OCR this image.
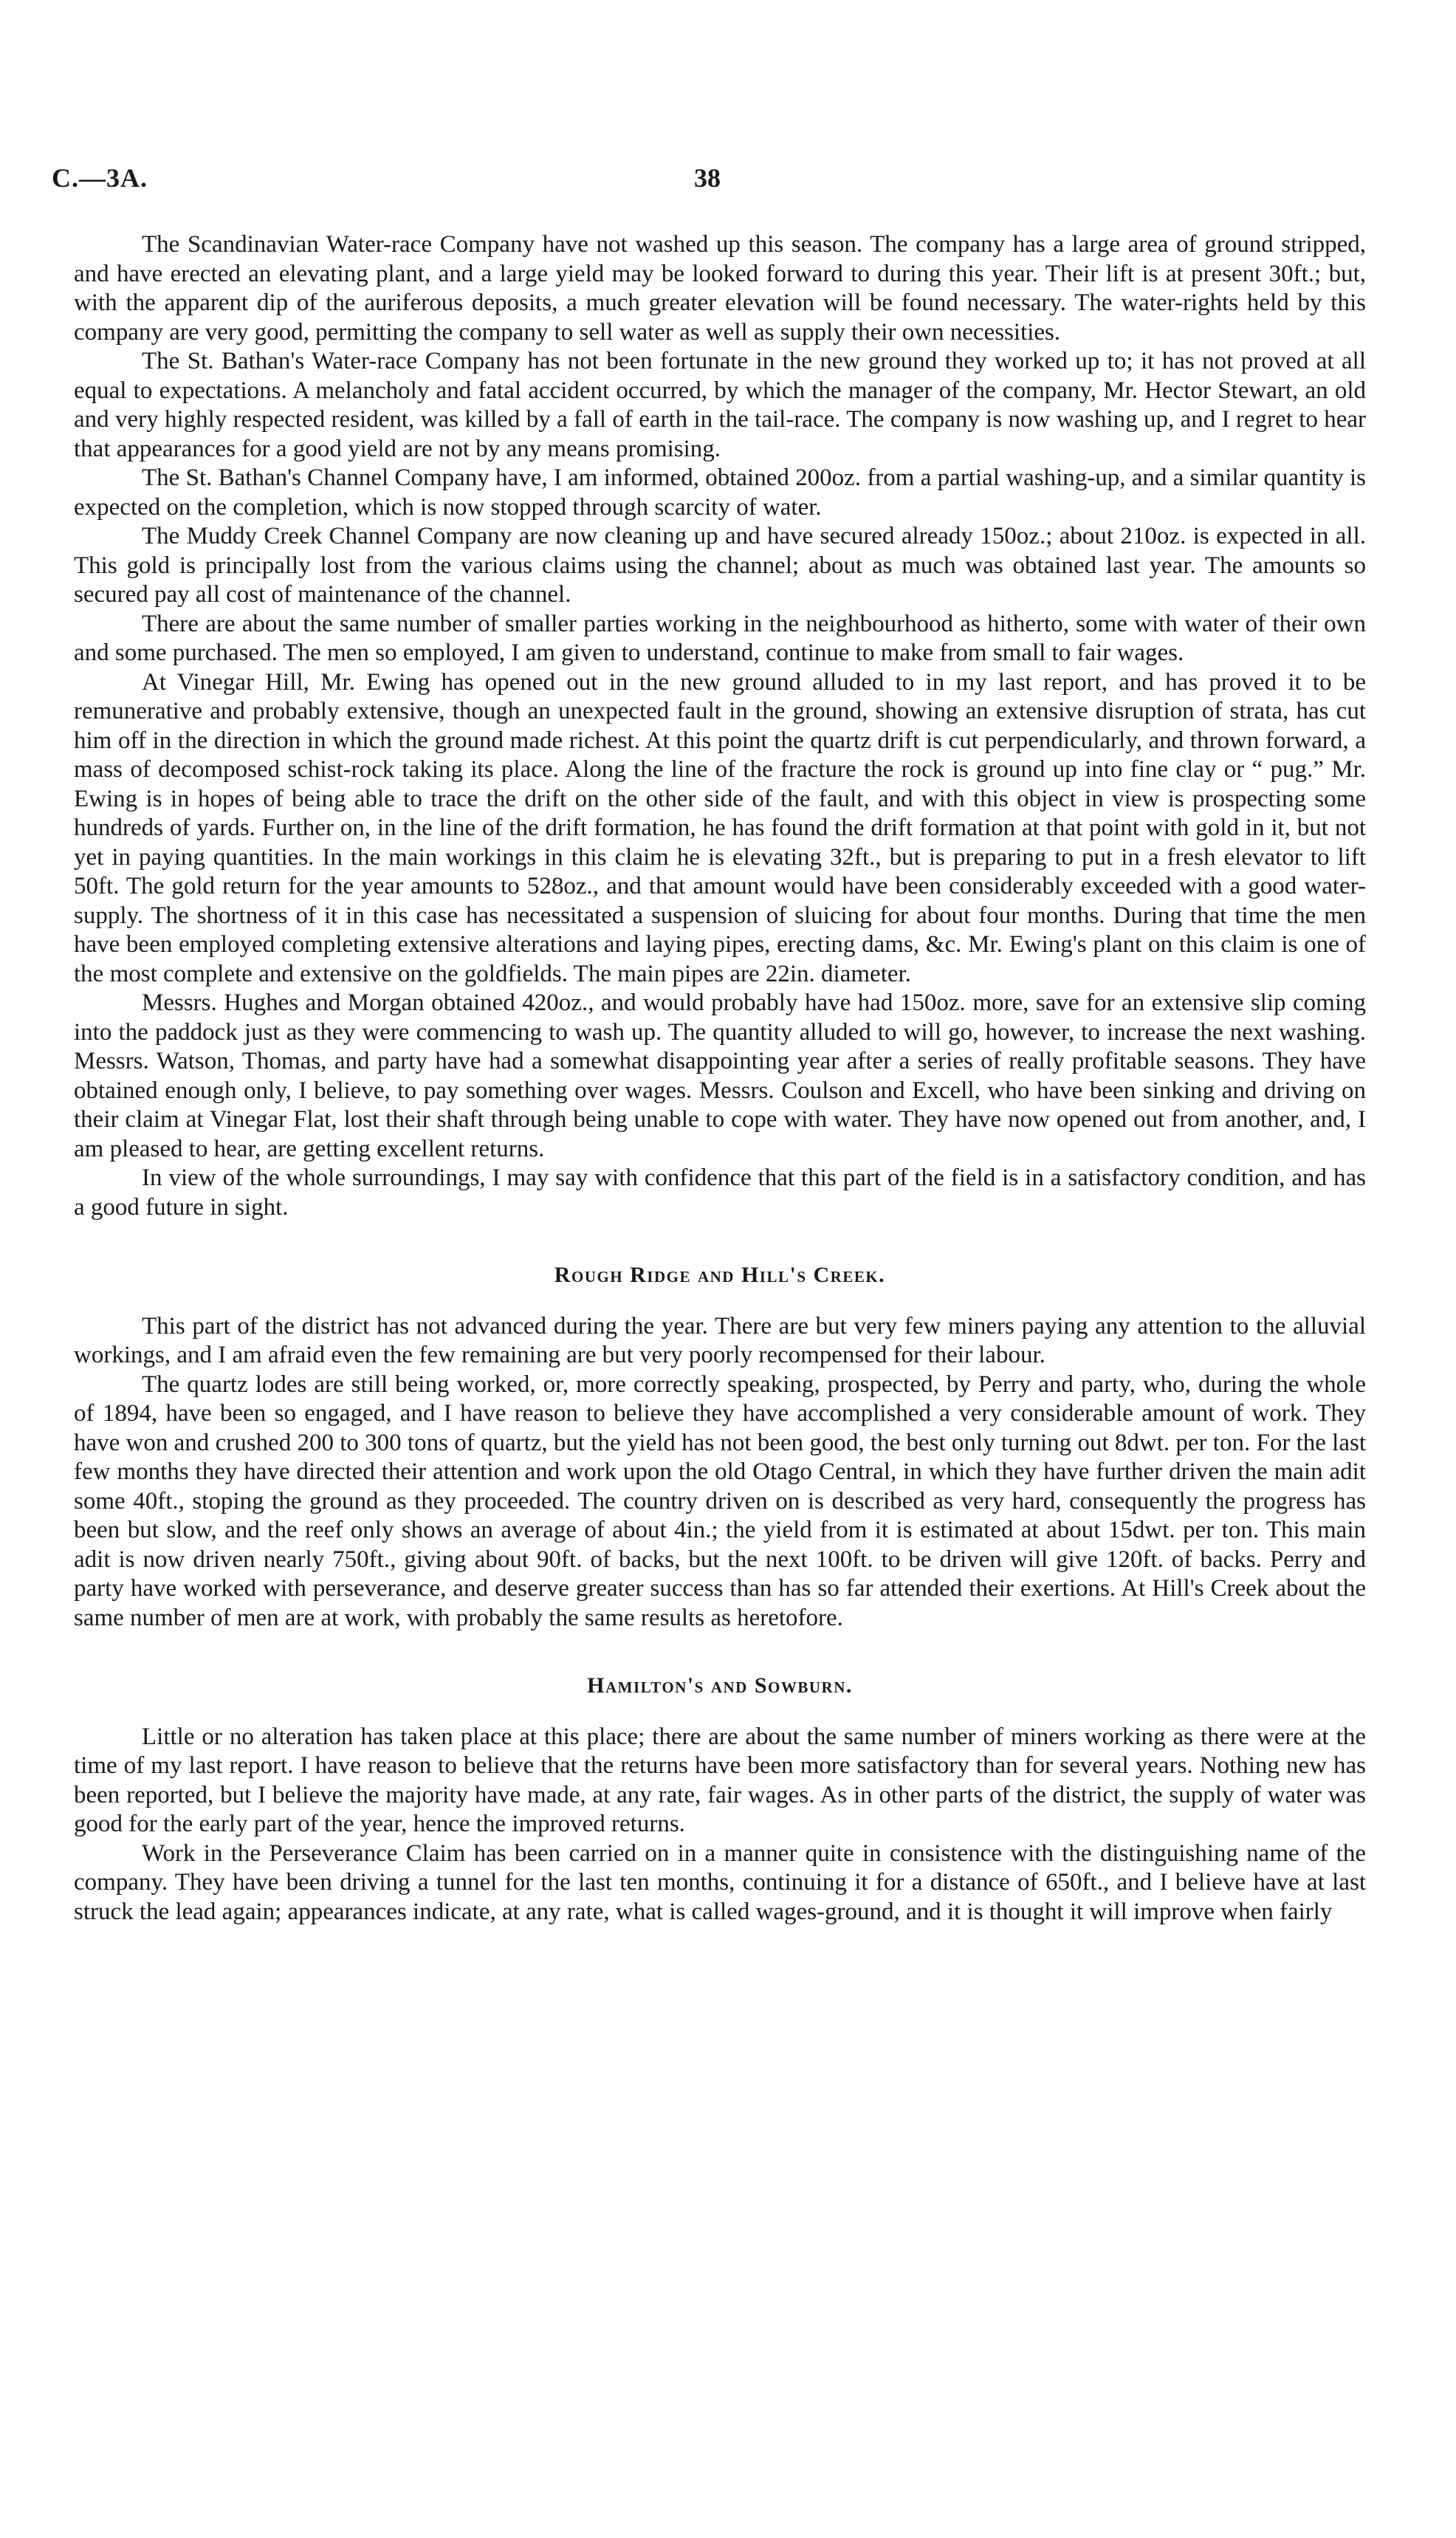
C.—3A.	38

The Scandinavian Water-race Company have not washed up this season. The company has a large area of ground stripped, and have erected an elevating plant, and a large yield may be looked forward to during this year. Their lift is at present 30ft.; but, with the apparent dip of the auriferous deposits, a much greater elevation will be found necessary. The water-rights held by this company are very good, permitting the company to sell water as well as supply their own necessities.

The St. Bathan's Water-race Company has not been fortunate in the new ground they worked up to; it has not proved at all equal to expectations. A melancholy and fatal accident occurred, by which the manager of the company, Mr. Hector Stewart, an old and very highly respected resident, was killed by a fall of earth in the tail-race. The company is now washing up, and I regret to hear that appearances for a good yield are not by any means promising.

The St. Bathan's Channel Company have, I am informed, obtained 200oz. from a partial washing-up, and a similar quantity is expected on the completion, which is now stopped through scarcity of water.

The Muddy Creek Channel Company are now cleaning up and have secured already 150oz.; about 210oz. is expected in all. This gold is principally lost from the various claims using the channel; about as much was obtained last year. The amounts so secured pay all cost of maintenance of the channel.

There are about the same number of smaller parties working in the neighbourhood as hitherto, some with water of their own and some purchased. The men so employed, I am given to understand, continue to make from small to fair wages.

At Vinegar Hill, Mr. Ewing has opened out in the new ground alluded to in my last report, and has proved it to be remunerative and probably extensive, though an unexpected fault in the ground, showing an extensive disruption of strata, has cut him off in the direction in which the ground made richest. At this point the quartz drift is cut perpendicularly, and thrown forward, a mass of decomposed schist-rock taking its place. Along the line of the fracture the rock is ground up into fine clay or “ pug.” Mr. Ewing is in hopes of being able to trace the drift on the other side of the fault, and with this object in view is prospecting some hundreds of yards. Further on, in the line of the drift formation, he has found the drift formation at that point with gold in it, but not yet in paying quantities. In the main workings in this claim he is elevating 32ft., but is preparing to put in a fresh elevator to lift 50ft. The gold return for the year amounts to 528oz., and that amount would have been considerably exceeded with a good water-supply. The shortness of it in this case has necessitated a suspension of sluicing for about four months. During that time the men have been employed completing extensive alterations and laying pipes, erecting dams, &c. Mr. Ewing's plant on this claim is one of the most complete and extensive on the goldfields. The main pipes are 22in. diameter.

Messrs. Hughes and Morgan obtained 420oz., and would probably have had 150oz. more, save for an extensive slip coming into the paddock just as they were commencing to wash up. The quantity alluded to will go, however, to increase the next washing. Messrs. Watson, Thomas, and party have had a somewhat disappointing year after a series of really profitable seasons. They have obtained enough only, I believe, to pay something over wages. Messrs. Coulson and Excell, who have been sinking and driving on their claim at Vinegar Flat, lost their shaft through being unable to cope with water. They have now opened out from another, and, I am pleased to hear, are getting excellent returns.

In view of the whole surroundings, I may say with confidence that this part of the field is in a satisfactory condition, and has a good future in sight.

Rough Ridge and Hill's Creek.

This part of the district has not advanced during the year. There are but very few miners paying any attention to the alluvial workings, and I am afraid even the few remaining are but very poorly recompensed for their labour.

The quartz lodes are still being worked, or, more correctly speaking, prospected, by Perry and party, who, during the whole of 1894, have been so engaged, and I have reason to believe they have accomplished a very considerable amount of work. They have won and crushed 200 to 300 tons of quartz, but the yield has not been good, the best only turning out 8dwt. per ton. For the last few months they have directed their attention and work upon the old Otago Central, in which they have further driven the main adit some 40ft., stoping the ground as they proceeded. The country driven on is described as very hard, consequently the progress has been but slow, and the reef only shows an average of about 4in.; the yield from it is estimated at about 15dwt. per ton. This main adit is now driven nearly 750ft., giving about 90ft. of backs, but the next 100ft. to be driven will give 120ft. of backs. Perry and party have worked with perseverance, and deserve greater success than has so far attended their exertions. At Hill's Creek about the same number of men are at work, with probably the same results as heretofore.

Hamilton's and Sowburn.

Little or no alteration has taken place at this place; there are about the same number of miners working as there were at the time of my last report. I have reason to believe that the returns have been more satisfactory than for several years. Nothing new has been reported, but I believe the majority have made, at any rate, fair wages. As in other parts of the district, the supply of water was good for the early part of the year, hence the improved returns.

Work in the Perseverance Claim has been carried on in a manner quite in consistence with the distinguishing name of the company. They have been driving a tunnel for the last ten months, continuing it for a distance of 650ft., and I believe have at last struck the lead again; appearances indicate, at any rate, what is called wages-ground, and it is thought it will improve when fairly
